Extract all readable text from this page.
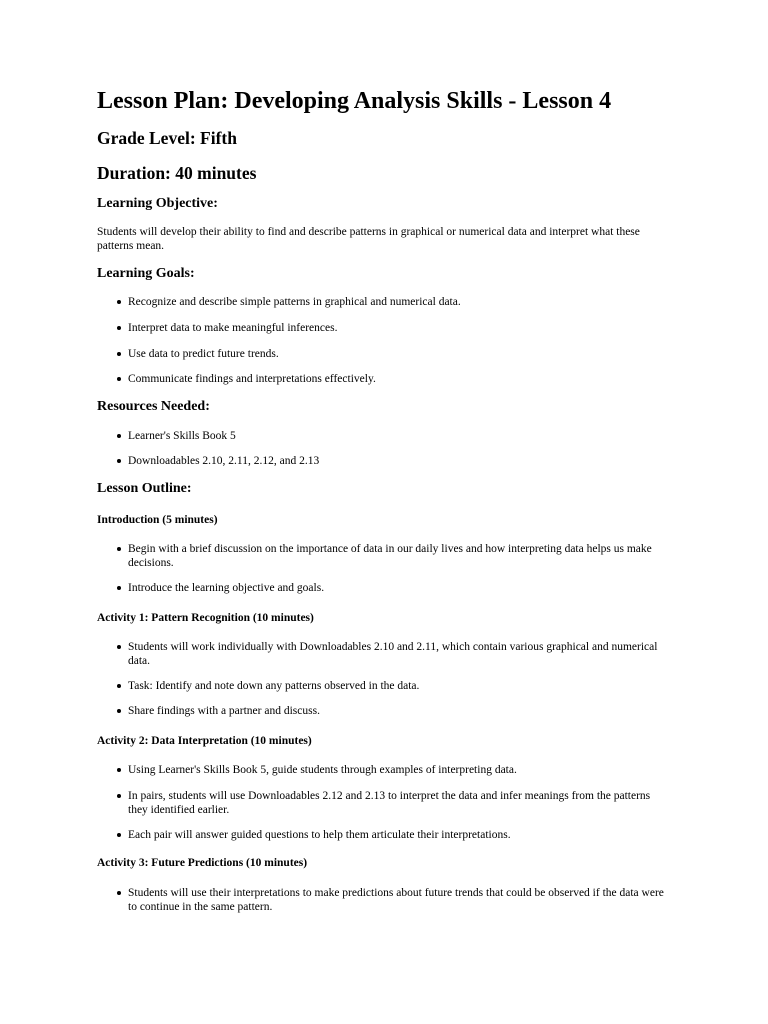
Lesson Plan: Developing Analysis Skills - Lesson 4
Grade Level: Fifth
Duration: 40 minutes
Learning Objective:

Students will develop their ability to find and describe patterns in graphical or numerical data and interpret what these patterns mean.

Learning Goals:
Recognize and describe simple patterns in graphical and numerical data.
Interpret data to make meaningful inferences.
Use data to predict future trends.
Communicate findings and interpretations effectively.
Resources Needed:
Learner's Skills Book 5
Downloadables 2.10, 2.11, 2.12, and 2.13
Lesson Outline:
Introduction (5 minutes)
Begin with a brief discussion on the importance of data in our daily lives and how interpreting data helps us make decisions.
Introduce the learning objective and goals.
Activity 1: Pattern Recognition (10 minutes)
Students will work individually with Downloadables 2.10 and 2.11, which contain various graphical and numerical data.
Task: Identify and note down any patterns observed in the data.
Share findings with a partner and discuss.
Activity 2: Data Interpretation (10 minutes)
Using Learner's Skills Book 5, guide students through examples of interpreting data.
In pairs, students will use Downloadables 2.12 and 2.13 to interpret the data and infer meanings from the patterns they identified earlier.
Each pair will answer guided questions to help them articulate their interpretations.
Activity 3: Future Predictions (10 minutes)
Students will use their interpretations to make predictions about future trends that could be observed if the data were to continue in the same pattern.
